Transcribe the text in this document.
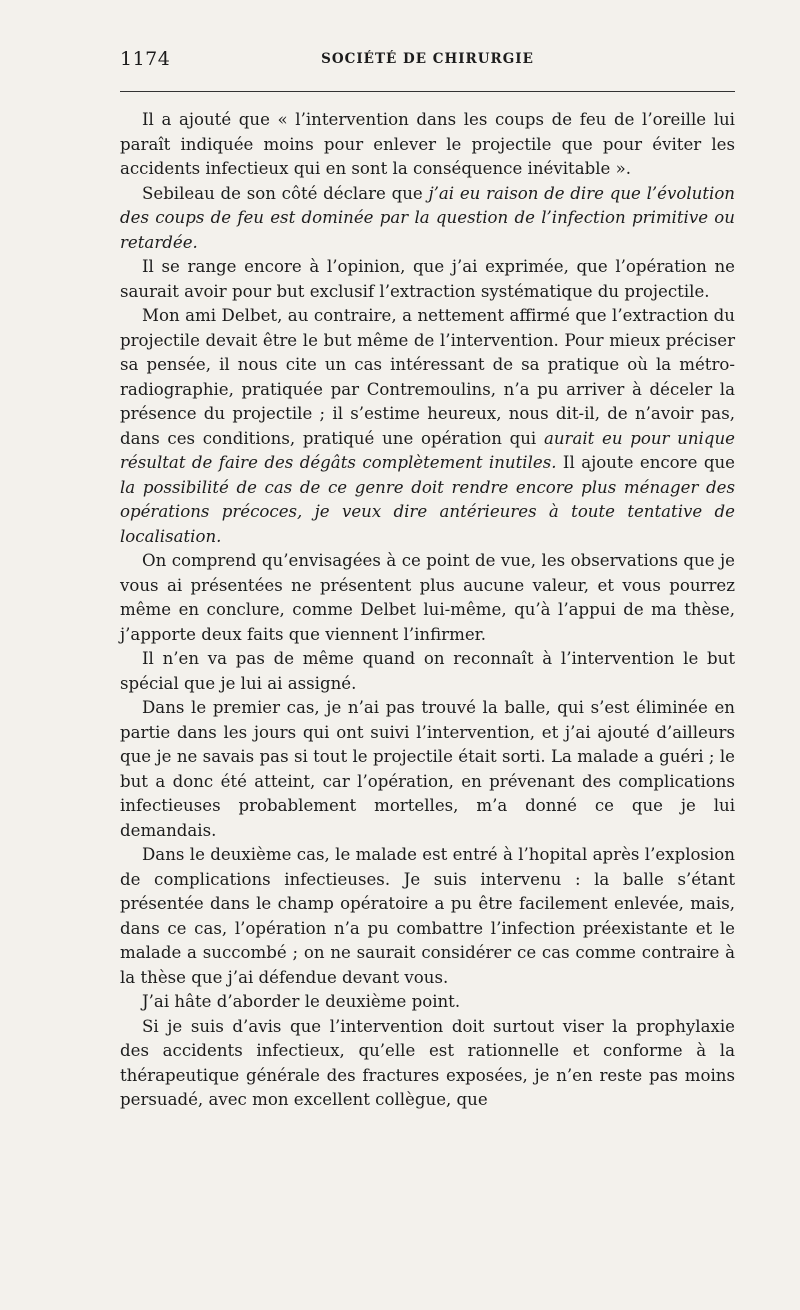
1174	SOCIÉTÉ DE CHIRURGIE

Il a ajouté que « l’intervention dans les coups de feu de l’oreille lui paraît indiquée moins pour enlever le projectile que pour éviter les accidents infectieux qui en sont la conséquence inévitable ».

Sebileau de son côté déclare que j’ai eu raison de dire que l’évolution des coups de feu est dominée par la question de l’infection primitive ou retardée.

Il se range encore à l’opinion, que j’ai exprimée, que l’opération ne saurait avoir pour but exclusif l’extraction systématique du projectile.

Mon ami Delbet, au contraire, a nettement affirmé que l’extraction du projectile devait être le but même de l’intervention. Pour mieux préciser sa pensée, il nous cite un cas intéressant de sa pratique où la métro-radiographie, pratiquée par Contremoulins, n’a pu arriver à déceler la présence du projectile ; il s’estime heureux, nous dit-il, de n’avoir pas, dans ces conditions, pratiqué une opération qui aurait eu pour unique résultat de faire des dégâts complètement inutiles. Il ajoute encore que la possibilité de cas de ce genre doit rendre encore plus ménager des opérations précoces, je veux dire antérieures à toute tentative de localisation.

On comprend qu’envisagées à ce point de vue, les observations que je vous ai présentées ne présentent plus aucune valeur, et vous pourrez même en conclure, comme Delbet lui-même, qu’à l’appui de ma thèse, j’apporte deux faits que viennent l’infirmer.

Il n’en va pas de même quand on reconnaît à l’intervention le but spécial que je lui ai assigné.

Dans le premier cas, je n’ai pas trouvé la balle, qui s’est éliminée en partie dans les jours qui ont suivi l’intervention, et j’ai ajouté d’ailleurs que je ne savais pas si tout le projectile était sorti. La malade a guéri ; le but a donc été atteint, car l’opération, en prévenant des complications infectieuses probablement mortelles, m’a donné ce que je lui demandais.

Dans le deuxième cas, le malade est entré à l’hopital après l’explosion de complications infectieuses. Je suis intervenu : la balle s’étant présentée dans le champ opératoire a pu être facilement enlevée, mais, dans ce cas, l’opération n’a pu combattre l’infection préexistante et le malade a succombé ; on ne saurait considérer ce cas comme contraire à la thèse que j’ai défendue devant vous.

J’ai hâte d’aborder le deuxième point.

Si je suis d’avis que l’intervention doit surtout viser la prophylaxie des accidents infectieux, qu’elle est rationnelle et conforme à la thérapeutique générale des fractures exposées, je n’en reste pas moins persuadé, avec mon excellent collègue, que
